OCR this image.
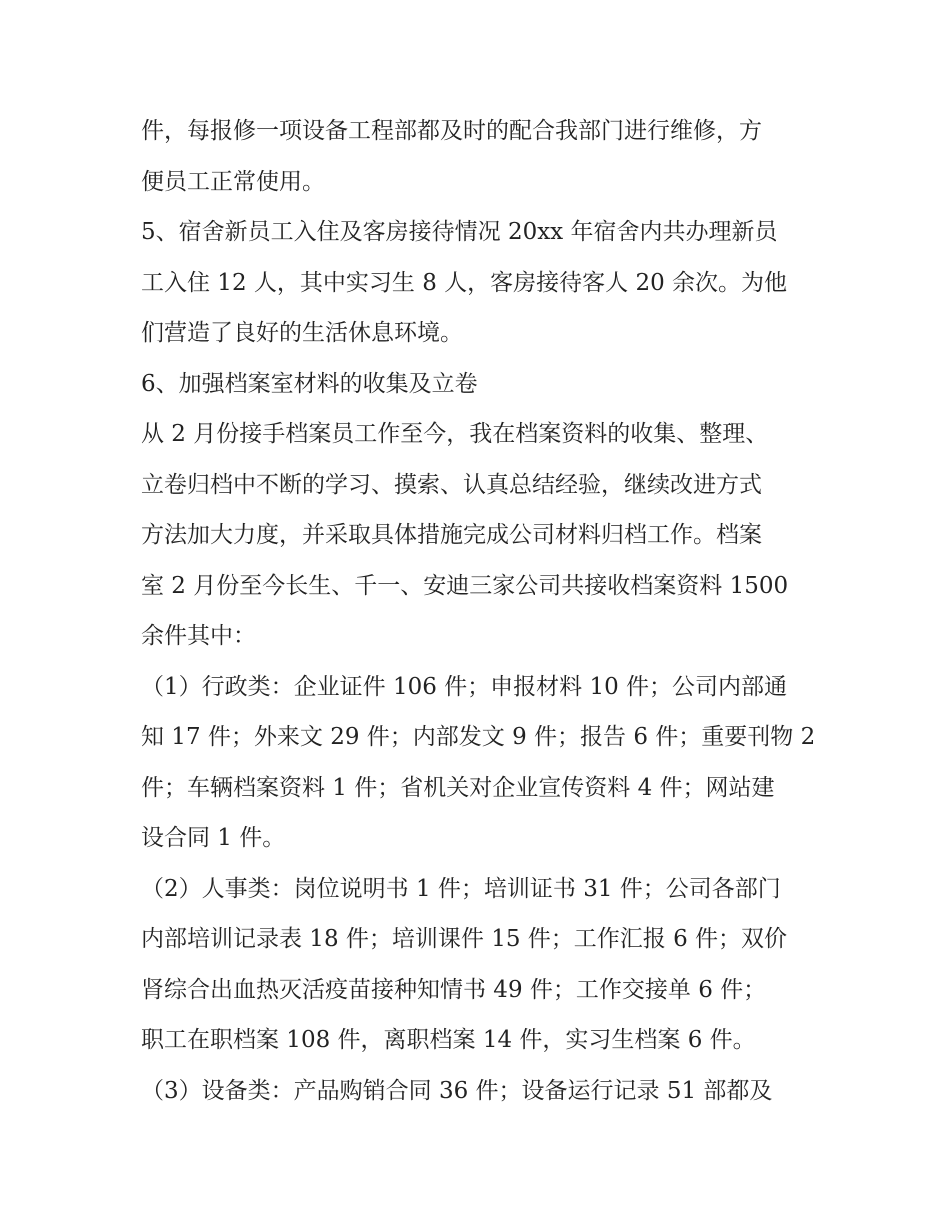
件，每报修一项设备工程部都及时的配合我部门进行维修，方
便员工正常使用。
5、宿舍新员工入住及客房接待情况 20xx 年宿舍内共办理新员
工入住 12 人，其中实习生 8 人，客房接待客人 20 余次。为他
们营造了良好的生活休息环境。
6、加强档案室材料的收集及立卷
从 2 月份接手档案员工作至今，我在档案资料的收集、整理、
立卷归档中不断的学习、摸索、认真总结经验，继续改进方式
方法加大力度，并采取具体措施完成公司材料归档工作。档案
室 2 月份至今长生、千一、安迪三家公司共接收档案资料 1500
余件其中：
（1）行政类：企业证件 106 件；申报材料 10 件；公司内部通
知 17 件；外来文 29 件；内部发文 9 件；报告 6 件；重要刊物 2
件；车辆档案资料 1 件；省机关对企业宣传资料 4 件；网站建
设合同 1 件。
（2）人事类：岗位说明书 1 件；培训证书 31 件；公司各部门
内部培训记录表 18 件；培训课件 15 件；工作汇报 6 件；双价
肾综合出血热灭活疫苗接种知情书 49 件；工作交接单 6 件；
职工在职档案 108 件，离职档案 14 件，实习生档案 6 件。
（3）设备类：产品购销合同 36 件；设备运行记录 51 部都及
